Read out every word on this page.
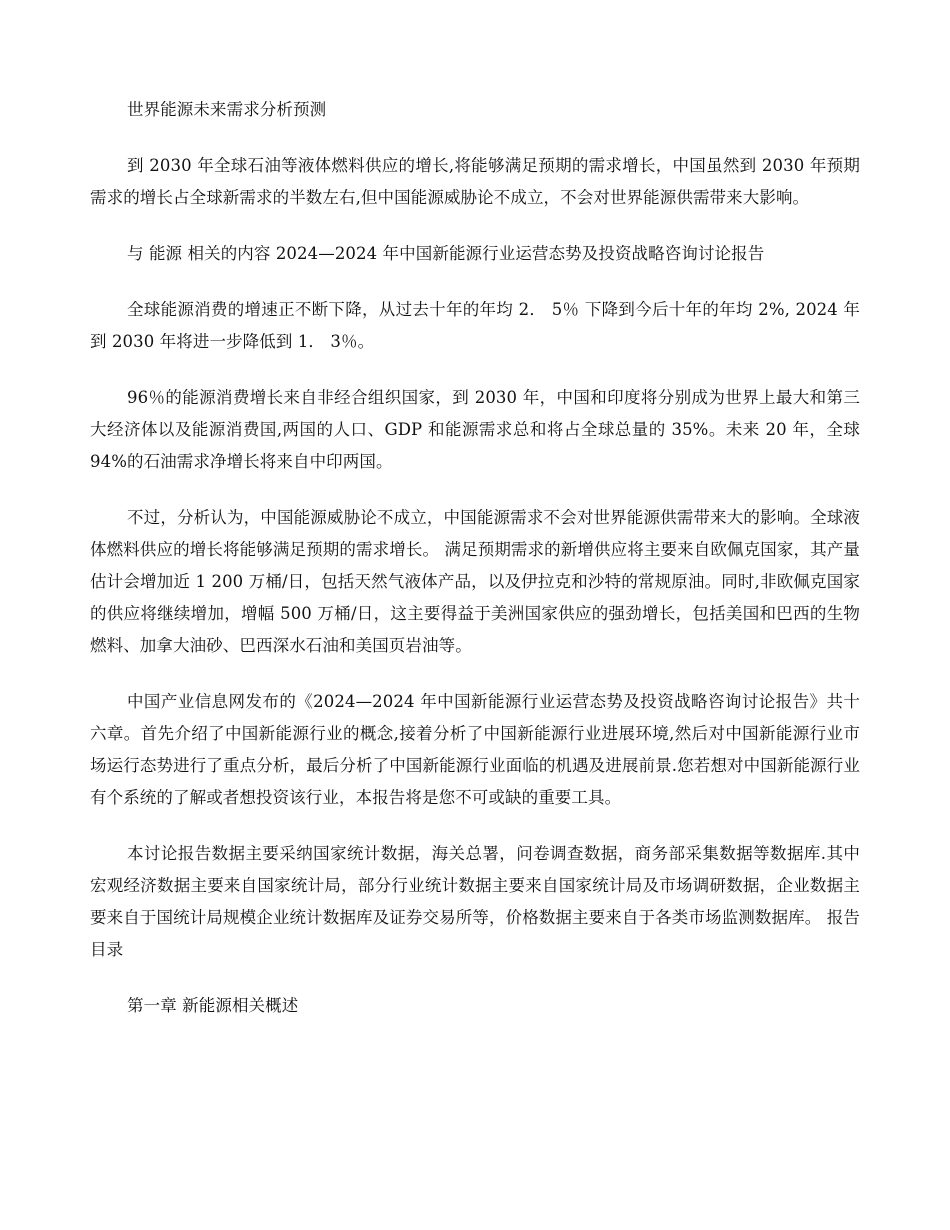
世界能源未来需求分析预测

到 2030 年全球石油等液体燃料供应的增长,将能够满足预期的需求增长，中国虽然到 2030 年预期需求的增长占全球新需求的半数左右,但中国能源威胁论不成立，不会对世界能源供需带来大影响。

与 能源 相关的内容 2024—2024 年中国新能源行业运营态势及投资战略咨询讨论报告

全球能源消费的增速正不断下降，从过去十年的年均 2． 5％ 下降到今后十年的年均 2%, 2024 年到 2030 年将进一步降低到 1． 3％。

96％的能源消费增长来自非经合组织国家，到 2030 年，中国和印度将分别成为世界上最大和第三大经济体以及能源消费国,两国的人口、GDP 和能源需求总和将占全球总量的 35%。未来 20 年，全球 94%的石油需求净增长将来自中印两国。

不过，分析认为，中国能源威胁论不成立，中国能源需求不会对世界能源供需带来大的影响。全球液体燃料供应的增长将能够满足预期的需求增长。 满足预期需求的新增供应将主要来自欧佩克国家，其产量估计会增加近 1 200 万桶/日，包括天然气液体产品，以及伊拉克和沙特的常规原油。同时,非欧佩克国家的供应将继续增加，增幅 500 万桶/日，这主要得益于美洲国家供应的强劲增长，包括美国和巴西的生物燃料、加拿大油砂、巴西深水石油和美国页岩油等。

中国产业信息网发布的《2024—2024 年中国新能源行业运营态势及投资战略咨询讨论报告》共十六章。首先介绍了中国新能源行业的概念,接着分析了中国新能源行业进展环境,然后对中国新能源行业市场运行态势进行了重点分析，最后分析了中国新能源行业面临的机遇及进展前景.您若想对中国新能源行业有个系统的了解或者想投资该行业，本报告将是您不可或缺的重要工具。

本讨论报告数据主要采纳国家统计数据，海关总署，问卷调查数据，商务部采集数据等数据库.其中宏观经济数据主要来自国家统计局，部分行业统计数据主要来自国家统计局及市场调研数据，企业数据主要来自于国统计局规模企业统计数据库及证券交易所等，价格数据主要来自于各类市场监测数据库。 报告目录

第一章 新能源相关概述
